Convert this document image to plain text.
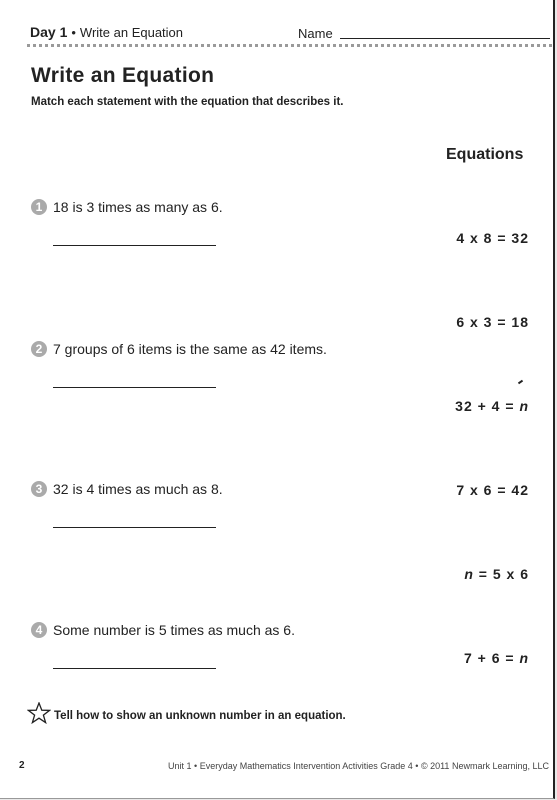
Day 1 • Write an Equation	Name
Write an Equation
Match each statement with the equation that describes it.
Equations
1 18 is 3 times as many as 6.
2 7 groups of 6 items is the same as 42 items.
3 32 is 4 times as much as 8.
4 Some number is 5 times as much as 6.
4 x 8 = 32
6 x 3 = 18
32 + 4 = n
7 x 6 = 42
n = 5 x 6
7 + 6 = n
Tell how to show an unknown number in an equation.
2	Unit 1 • Everyday Mathematics Intervention Activities Grade 4 • © 2011 Newmark Learning, LLC
